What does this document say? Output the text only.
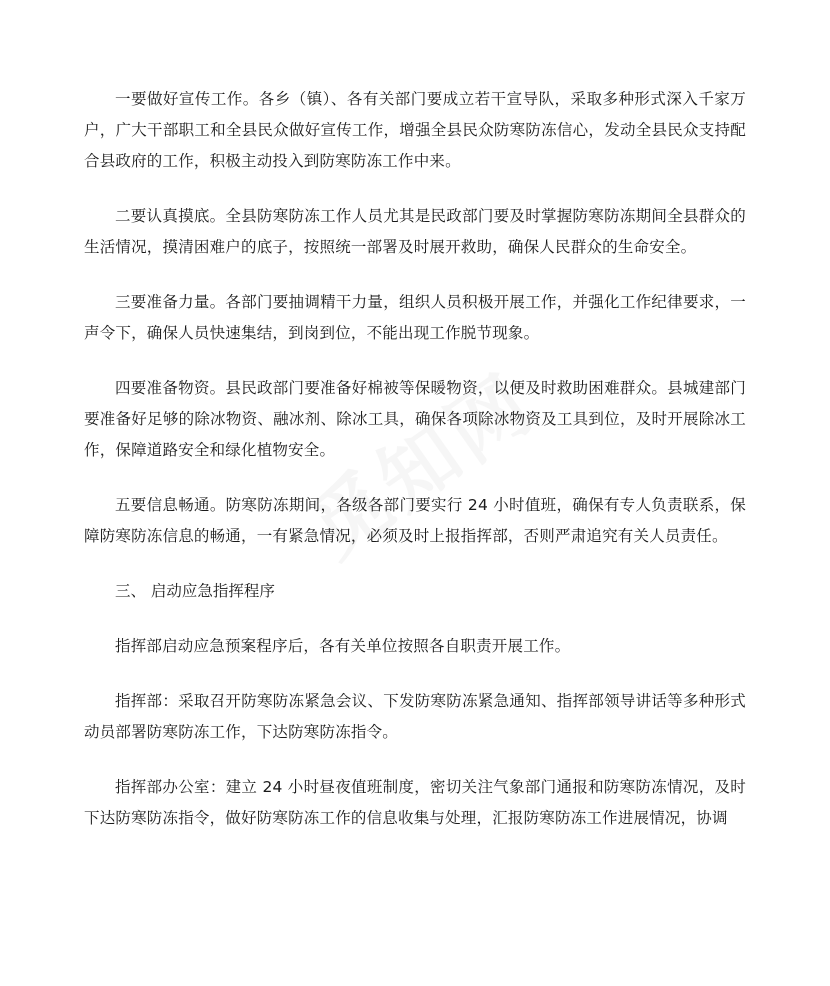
一要做好宣传工作。各乡（镇）、各有关部门要成立若干宣导队，采取多种形式深入千家万户，广大干部职工和全县民众做好宣传工作，增强全县民众防寒防冻信心，发动全县民众支持配合县政府的工作，积极主动投入到防寒防冻工作中来。

二要认真摸底。全县防寒防冻工作人员尤其是民政部门要及时掌握防寒防冻期间全县群众的生活情况，摸清困难户的底子，按照统一部署及时展开救助，确保人民群众的生命安全。

三要准备力量。各部门要抽调精干力量，组织人员积极开展工作，并强化工作纪律要求，一声令下，确保人员快速集结，到岗到位，不能出现工作脱节现象。

四要准备物资。县民政部门要准备好棉被等保暖物资，以便及时救助困难群众。县城建部门要准备好足够的除冰物资、融冰剂、除冰工具，确保各项除冰物资及工具到位，及时开展除冰工作，保障道路安全和绿化植物安全。

五要信息畅通。防寒防冻期间，各级各部门要实行 24 小时值班，确保有专人负责联系，保障防寒防冻信息的畅通，一有紧急情况，必须及时上报指挥部，否则严肃追究有关人员责任。

三、 启动应急指挥程序

指挥部启动应急预案程序后，各有关单位按照各自职责开展工作。

指挥部：采取召开防寒防冻紧急会议、下发防寒防冻紧急通知、指挥部领导讲话等多种形式动员部署防寒防冻工作，下达防寒防冻指令。

指挥部办公室：建立 24 小时昼夜值班制度，密切关注气象部门通报和防寒防冻情况，及时下达防寒防冻指令，做好防寒防冻工作的信息收集与处理，汇报防寒防冻工作进展情况，协调
